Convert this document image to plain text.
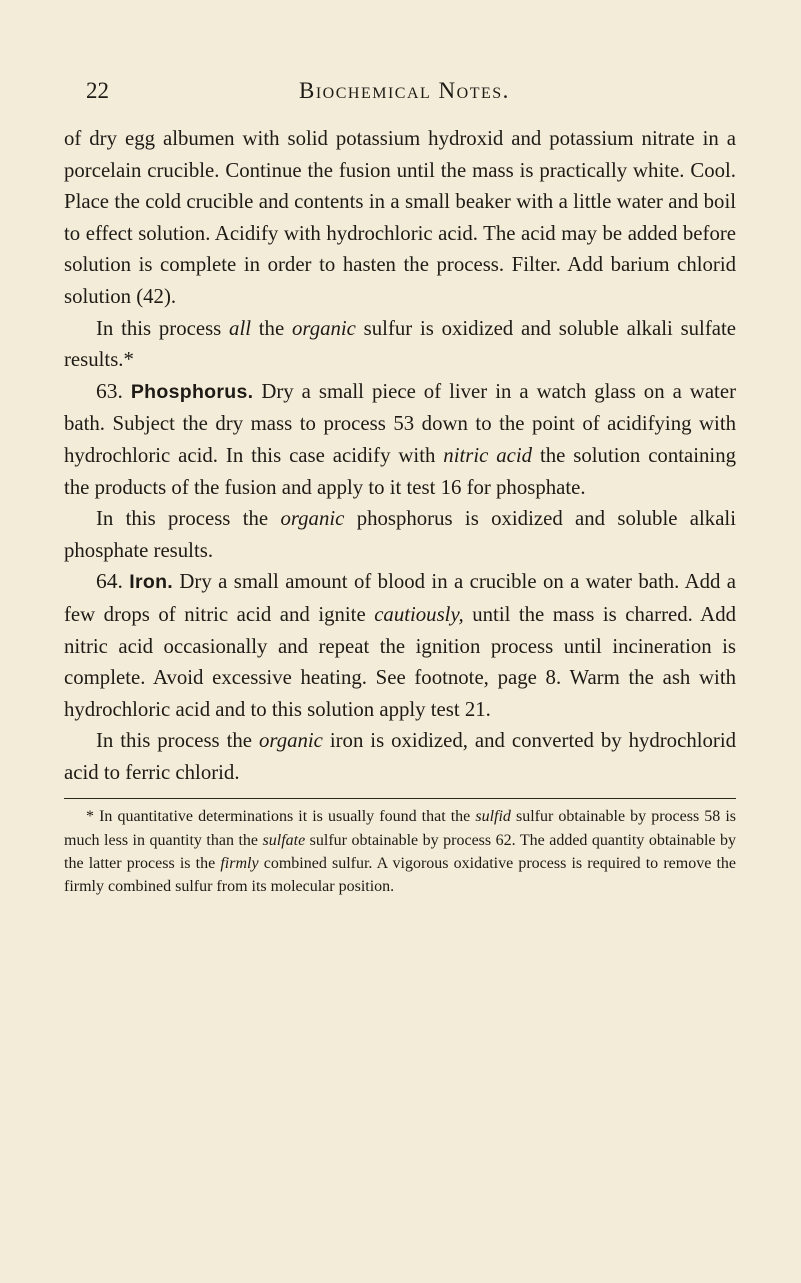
22	Biochemical Notes.

of dry egg albumen with solid potassium hydroxid and potassium nitrate in a porcelain crucible. Continue the fusion until the mass is practically white. Cool. Place the cold crucible and contents in a small beaker with a little water and boil to effect solution. Acidify with hydrochloric acid. The acid may be added before solution is complete in order to hasten the process. Filter. Add barium chlorid solution (42).

In this process all the organic sulfur is oxidized and soluble alkali sulfate results.*

63. Phosphorus. Dry a small piece of liver in a watch glass on a water bath. Subject the dry mass to process 53 down to the point of acidifying with hydrochloric acid. In this case acidify with nitric acid the solution containing the products of the fusion and apply to it test 16 for phosphate.

In this process the organic phosphorus is oxidized and soluble alkali phosphate results.

64. Iron. Dry a small amount of blood in a crucible on a water bath. Add a few drops of nitric acid and ignite cautiously, until the mass is charred. Add nitric acid occasionally and repeat the ignition process until incineration is complete. Avoid excessive heating. See footnote, page 8. Warm the ash with hydrochloric acid and to this solution apply test 21.

In this process the organic iron is oxidized, and converted by hydrochlorid acid to ferric chlorid.

* In quantitative determinations it is usually found that the sulfid sulfur obtainable by process 58 is much less in quantity than the sulfate sulfur obtainable by process 62. The added quantity obtainable by the latter process is the firmly combined sulfur. A vigorous oxidative process is required to remove the firmly combined sulfur from its molecular position.
